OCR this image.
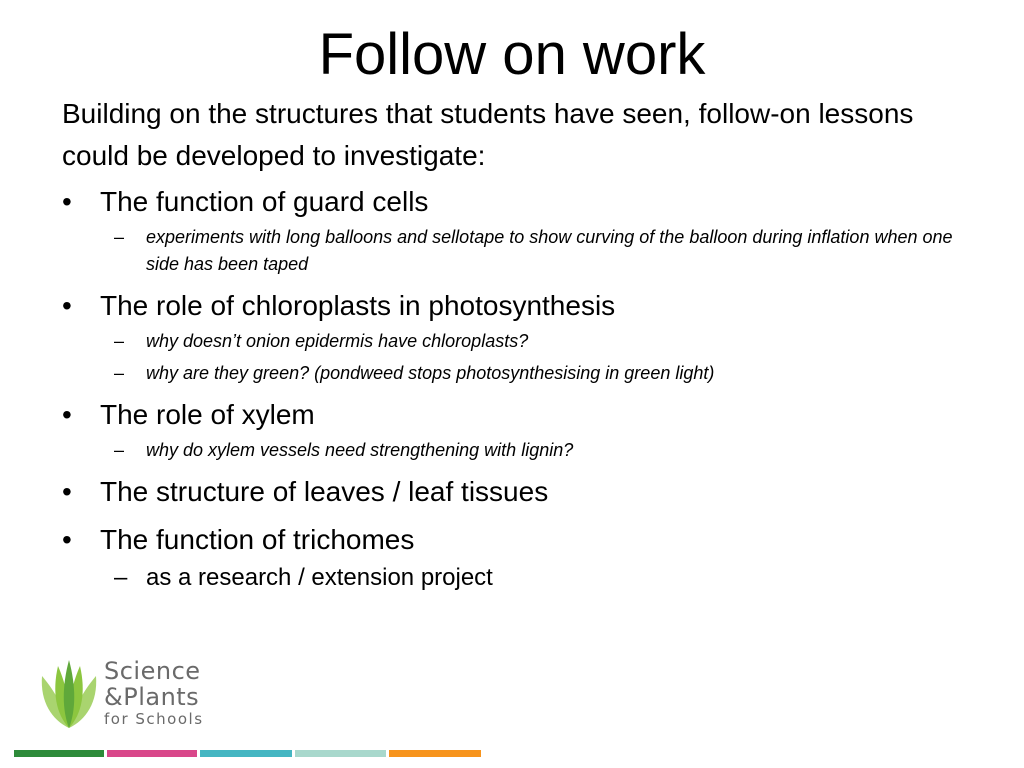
Follow on work
Building on the structures that students have seen, follow-on lessons could be developed to investigate:
• The function of guard cells
– experiments with long balloons and sellotape to show curving of the balloon during inflation when one side has been taped
• The role of chloroplasts in photosynthesis
– why doesn’t onion epidermis have chloroplasts?
– why are they green? (pondweed stops photosynthesising in green light)
• The role of xylem
– why do xylem vessels need strengthening with lignin?
• The structure of leaves / leaf tissues
• The function of trichomes
– as a research / extension project
Science
&Plants
for Schools
